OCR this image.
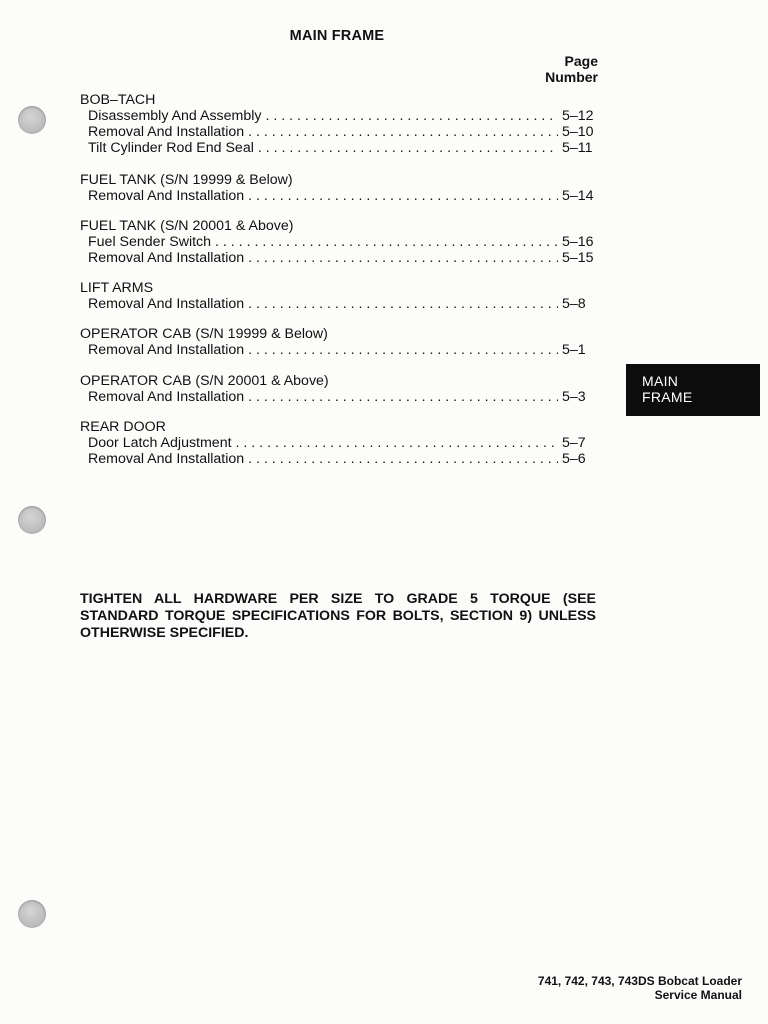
MAIN FRAME
Page
Number
BOB–TACH
Disassembly And Assembly . . .	5–12
Removal And Installation . . .	5–10
Tilt Cylinder Rod End Seal . . .	5–11
FUEL TANK (S/N 19999 & Below)
Removal And Installation . . .	5–14
FUEL TANK (S/N 20001 & Above)
Fuel Sender Switch . . .	5–16
Removal And Installation . . .	5–15
LIFT ARMS
Removal And Installation . . .	5–8
OPERATOR CAB (S/N 19999 & Below)
Removal And Installation . . .	5–1
OPERATOR CAB (S/N 20001 & Above)
Removal And Installation . . .	5–3
REAR DOOR
Door Latch Adjustment . . .	5–7
Removal And Installation . . .	5–6
MAIN
FRAME
TIGHTEN ALL HARDWARE PER SIZE TO GRADE 5 TORQUE (SEE STANDARD TORQUE SPECIFICATIONS FOR BOLTS, SECTION 9) UNLESS OTHERWISE SPECIFIED.
741, 742, 743, 743DS Bobcat Loader
Service Manual
